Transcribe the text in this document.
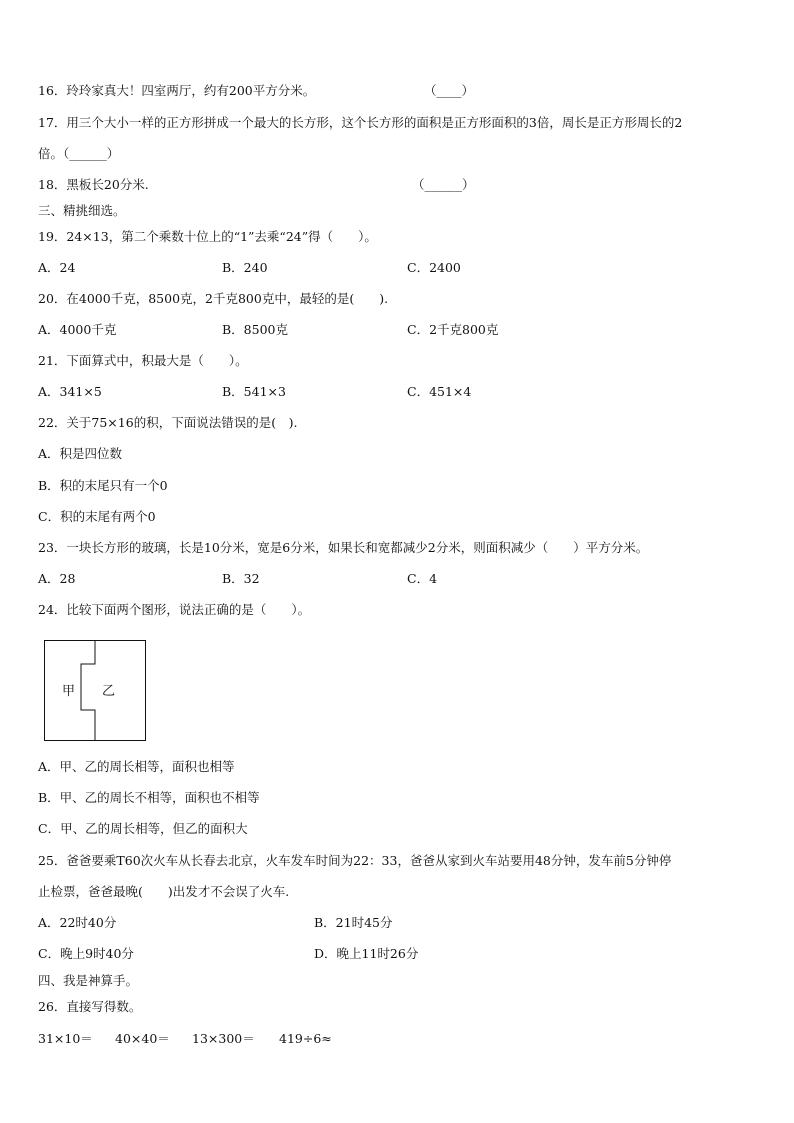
16．玲玲家真大！四室两厅，约有200平方分米。	（____）
17．用三个大小一样的正方形拼成一个最大的长方形，这个长方形的面积是正方形面积的3倍，周长是正方形周长的2
倍。（______）
18．黑板长20分米.	（______）
三、精挑细选。
19．24×13，第二个乘数十位上的“1”去乘“24”得（　　）。
A．24	B．240	C．2400
20．在4000千克，8500克，2千克800克中，最轻的是(　　).
A．4000千克	B．8500克	C．2千克800克
21．下面算式中，积最大是（　　）。
A．341×5	B．541×3	C．451×4
22．关于75×16的积，下面说法错误的是(　).
A．积是四位数
B．积的末尾只有一个0
C．积的末尾有两个0
23．一块长方形的玻璃，长是10分米，宽是6分米，如果长和宽都减少2分米，则面积减少（　　）平方分米。
A．28	B．32	C．4
24．比较下面两个图形，说法正确的是（　　）。
甲 乙
A．甲、乙的周长相等，面积也相等
B．甲、乙的周长不相等，面积也不相等
C．甲、乙的周长相等，但乙的面积大
25．爸爸要乘T60次火车从长春去北京，火车发车时间为22：33，爸爸从家到火车站要用48分钟，发车前5分钟停
止检票，爸爸最晚(　　)出发才不会误了火车.
A．22时40分	B．21时45分
C．晚上9时40分	D．晚上11时26分
四、我是神算手。
26．直接写得数。
31×10＝ 40×40＝ 13×300＝ 419÷6≈
